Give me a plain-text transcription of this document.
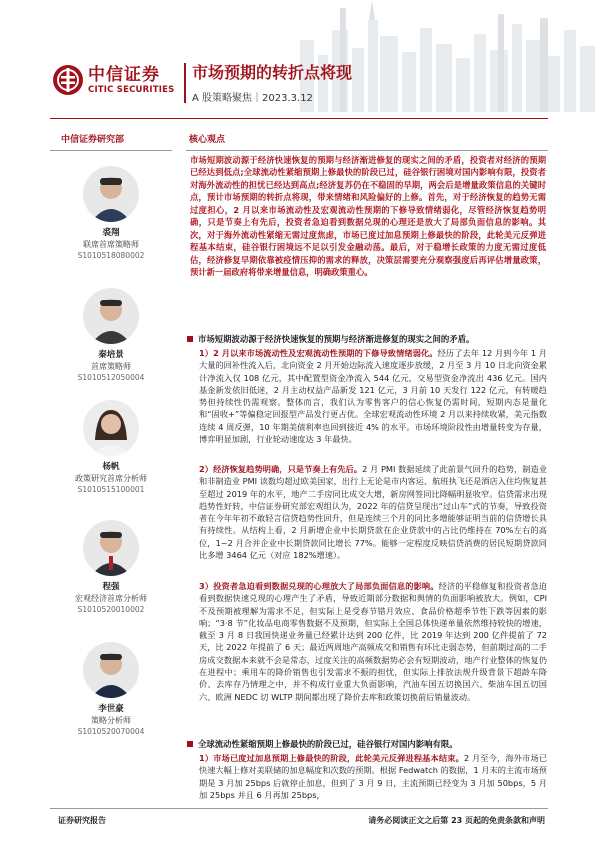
中信证券
CITIC SECURITIES
市场预期的转折点将现
A 股策略聚焦｜2023.3.12
中信证券研究部
裘翔
联席首席策略师
S1010518080002
秦培景
首席策略师
S1010512050004
杨帆
政策研究首席分析师
S1010515100001
程强
宏观经济首席分析师
S1010520010002
李世豪
策略分析师
S1010520070004
核心观点

市场短期波动源于经济快速恢复的预期与经济渐进修复的现实之间的矛盾，投资者对经济的预期已经达到低点;全球流动性紧缩预期上修最快的阶段已过，硅谷银行困境对国内影响有限，投资者对海外流动性的担忧已经达到高点;经济复苏仍在不稳固的早期，两会后是增量政策信息的关键时点，预计市场预期的转折点将现，带来情绪和风险偏好的上修。首先，对于经济恢复的趋势无需过度担心，2 月以来市场流动性及宏观流动性预期的下修导致情绪弱化，尽管经济恢复趋势明确，只是节奏上有先后，投资者急迫看到数据兑现的心理还是放大了局部负面信息的影响。其次，对于海外流动性紧缩无需过度焦虑，市场已度过加息预期上修最快的阶段，此轮美元反弹进程基本结束，硅谷银行困境远不足以引发金融动荡。最后，对于稳增长政策的力度无需过度低估，经济修复早期依靠被疫情压抑的需求的释放，决策层需要充分观察强度后再评估增量政策，预计新一届政府将带来增量信息，明确政策重心。

市场短期波动源于经济快速恢复的预期与经济渐进修复的现实之间的矛盾。

1）2 月以来市场流动性及宏观流动性预期的下修导致情绪弱化。经历了去年 12 月到今年 1 月大量的回补性流入后，北向资金 2 月开始边际流入速度逐步放缓，2 月至 3 月 10 日北向资金累计净流入仅 108 亿元，其中配置型资金净流入 544 亿元，交易型资金净流出 436 亿元。国内基金新发依旧低迷，2 月主动权益产品新发 121 亿元，3 月前 10 天发行 122 亿元，有转暖趋势但持续性仍需观察。整体而言，我们认为零售客户的信心恢复仍需时间，短期内态是量化和“固收+”等偏稳定回报型产品发行更占优。全球宏观流动性环境 2 月以来持续收紧，美元指数连续 4 周反弹，10 年期美债利率也回到接近 4% 的水平。市场环境阶段性由增量转变为存量，博弈明显加剧，行业轮动速度达 3 年最快。

2）经济恢复趋势明确，只是节奏上有先后。2 月 PMI 数据延续了此前景气回升的趋势，制造业和非制造业 PMI 读数均超过欧美国家，出行上无论是市内客运、航班执飞还是酒店入住均恢复甚至超过 2019 年的水平，地产二手房同比成交大增，新房网签同比降幅明显收窄。信贷需求出现趋势性好转，中信证券研究部宏观组认为，2022 年的信贷呈现出“过山车”式的节奏，导致投资者在今年年初不敢轻言信贷趋势性回升，但是连续三个月的同比多增能够证明当前的信贷增长具有持续性。从结构上看，2 月新增企业中长期贷款在企业贷款中的占比仍维持在 70%左右的高位，1~2 月合并企业中长期贷款同比增长 77%。能够一定程度反映信贷消费的居民短期贷款同比多增 3464 亿元（对应 182%增速）。

3）投资者急迫看到数据兑现的心理放大了局部负面信息的影响。经济的平稳修复和投资者急迫看到数据快速兑现的心理产生了矛盾，导致近期部分数据和舆情的负面影响被放大。例如，CPI 不及预期被理解为需求不足，但实际上是受春节错月效应、食品价格超季节性下跌等因素的影响；“3·8 节”化妆品电商零售数据不及预期，但实际上全国总体快递单量依然维持较快的增速，截至 3 月 8 日我国快递业务量已经累计达到 200 亿件，比 2019 年达到 200 亿件提前了 72 天，比 2022 年提前了 6 天；最近两周地产高频成交和销售有环比走弱态势，但前期过高的二手房成交数据本来就不会是常态，过度关注的高频数据势必会有短期波动，地产行业整体的恢复仍在进程中；乘用车的降价销售也引发需求不振的担忧，但实际上排放法规升级背景下超龄车降价、去库存乃情理之中，并不构成行业重大负面影响，汽油车国五切换国六、柴油车国五切国六、欧洲 NEDC 切 WLTP 期间都出现了降价去库和政策切换前后销量波动。

全球流动性紧缩预期上修最快的阶段已过，硅谷银行对国内影响有限。

1）市场已度过加息预期上修最快的阶段，此轮美元反弹进程基本结束。2 月至今，海外市场已快速大幅上修对美联储的加息幅度和次数的预期。根据 Fedwatch 的数据，1 月末的主流市场预期是 3 月加 25bps 后就停止加息，但到了 3 月 9 日，主流预期已经变为 3 月加 50bps，5 月加 25bps 并且 6 月再加 25bps，

证券研究报告	请务必阅读正文之后第 23 页起的免责条款和声明
